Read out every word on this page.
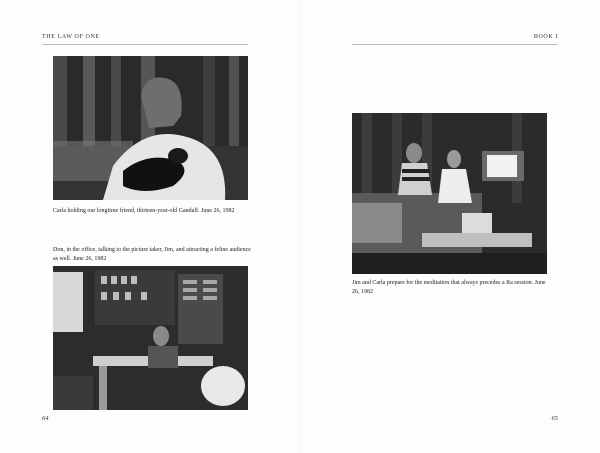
THE LAW OF ONE
Carla holding our longtime friend, thirteen-year-old Gandalf. June 26, 1982
Don, in the office, talking to the picture taker, Jim, and attracting a feline audience as well. June 26, 1982
64
BOOK I
Jim and Carla prepare for the meditation that always precedes a Ra session. June 26, 1982
65
